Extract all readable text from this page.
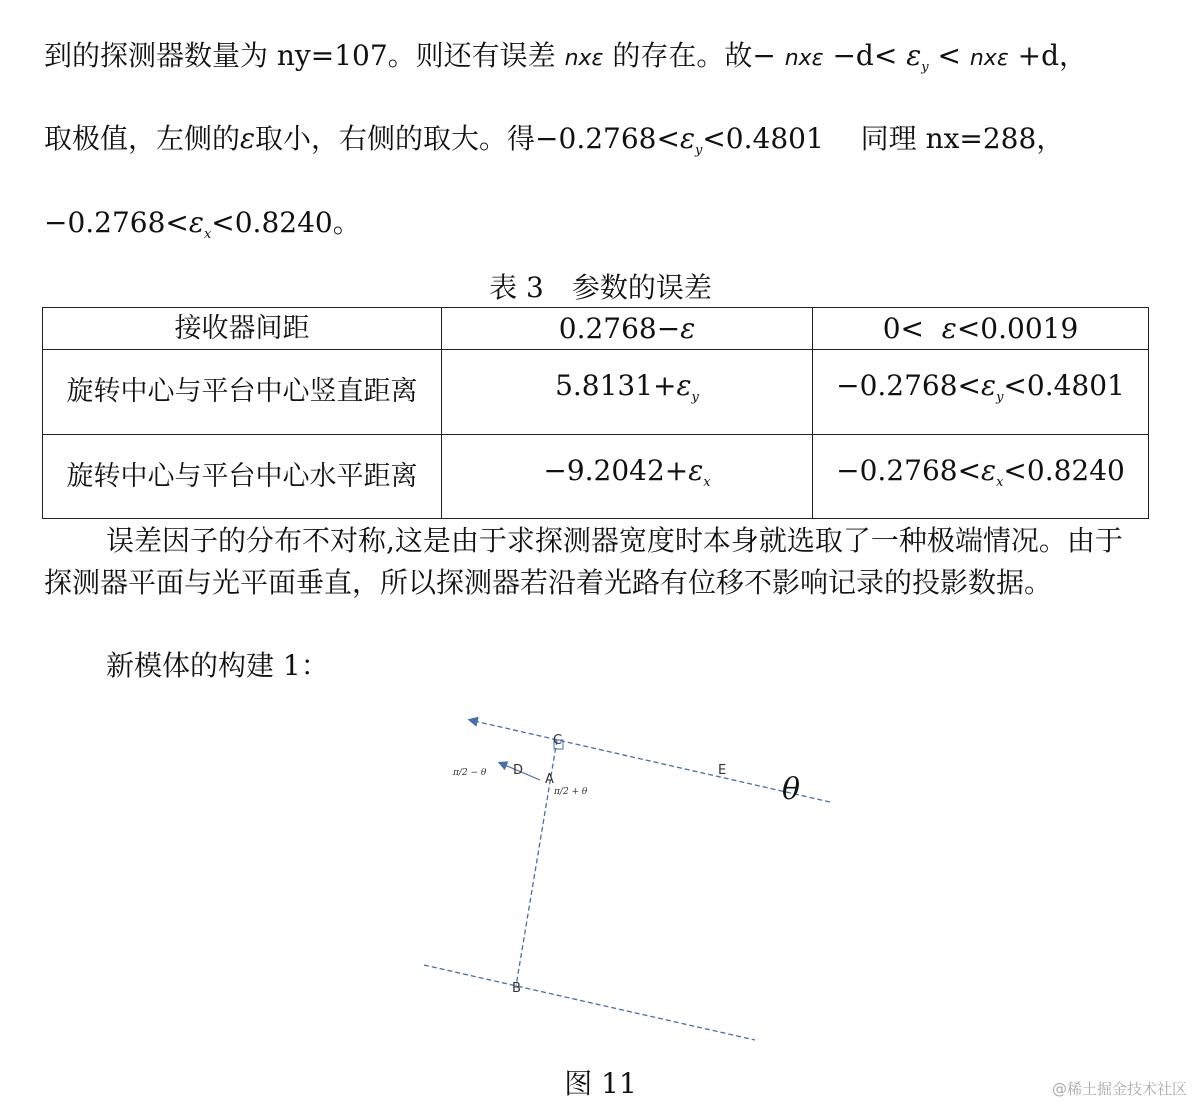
到的探测器数量为 ny=107。则还有误差 nxε 的存在。故− $nx\varepsilon -d< \varepsilon_y < nx\varepsilon +d$，
取极值，左侧的ε取小，右侧的取大。得$-0.2768<\varepsilon_y<0.4801$　 同理 nx=288，
$-0.2768<\varepsilon_x<0.8240$。
表 3　参数的误差
接收器间距	0.2768−ε	0<  ε<0.0019
旋转中心与平台中心竖直距离	$5.8131+\varepsilon_y$	$-0.2768<\varepsilon_y<0.4801$
旋转中心与平台中心水平距离	$-9.2042+\varepsilon_x$	$-0.2768<\varepsilon_x<0.8240$
误差因子的分布不对称,这是由于求探测器宽度时本身就选取了一种极端情况。由于探测器平面与光平面垂直，所以探测器若沿着光路有位移不影响记录的投影数据。
新模体的构建 1：
C
D
A
E
B
θ
π/2 − θ
π/2 + θ
图 11	@稀土掘金技术社区
